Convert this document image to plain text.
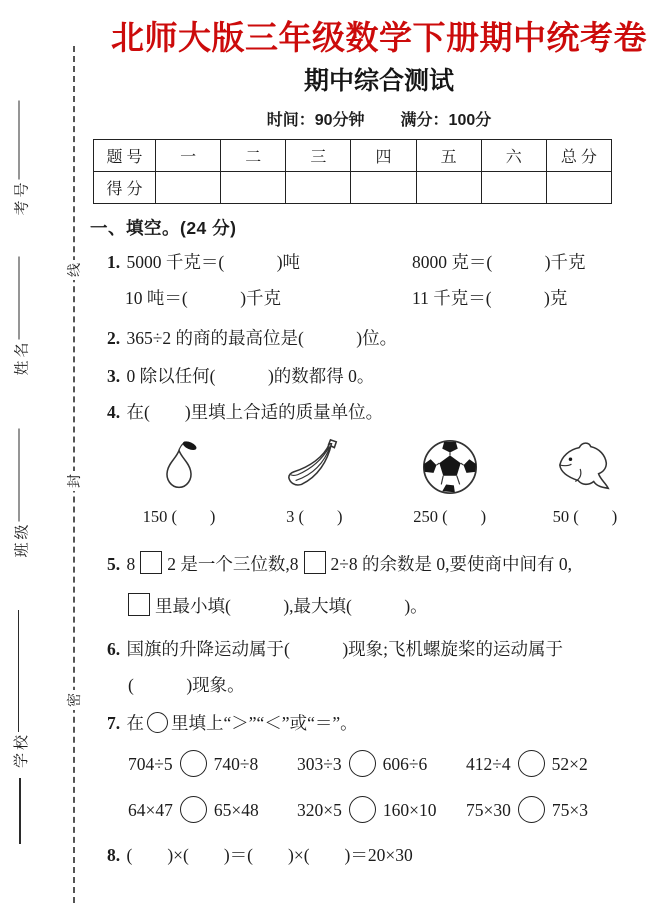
考号
姓名
班级
学校
线
封
密
北师大版三年级数学下册期中统考卷
期中综合测试
时间：90分钟 满分：100分
题 号	一	二	三	四	五	六	总 分
得 分							
一、填空。(24 分)
1. 5000 千克＝(　　　)吨	8000 克＝(　　　)千克
10 吨＝(　　　)千克	11 千克＝(　　　)克
2. 365÷2 的商的最高位是(　　　)位。
3. 0 除以任何(　　　)的数都得 0。
4. 在(　　)里填上合适的质量单位。
150 (　　)	3 (　　)	250 (　　)	50 (　　)
5. 8 2 是一个三位数,8 2÷8 的余数是 0,要使商中间有 0,
里最小填(　　　),最大填(　　　)。
6. 国旗的升降运动属于(　　　)现象;飞机螺旋桨的运动属于
(　　　)现象。
7. 在 里填上“＞”“＜”或“＝”。
704÷5 740÷8	303÷3 606÷6	412÷4 52×2
64×47 65×48	320×5 160×10	75×30 75×3
8. (　　)×(　　)＝(　　)×(　　)＝20×30
